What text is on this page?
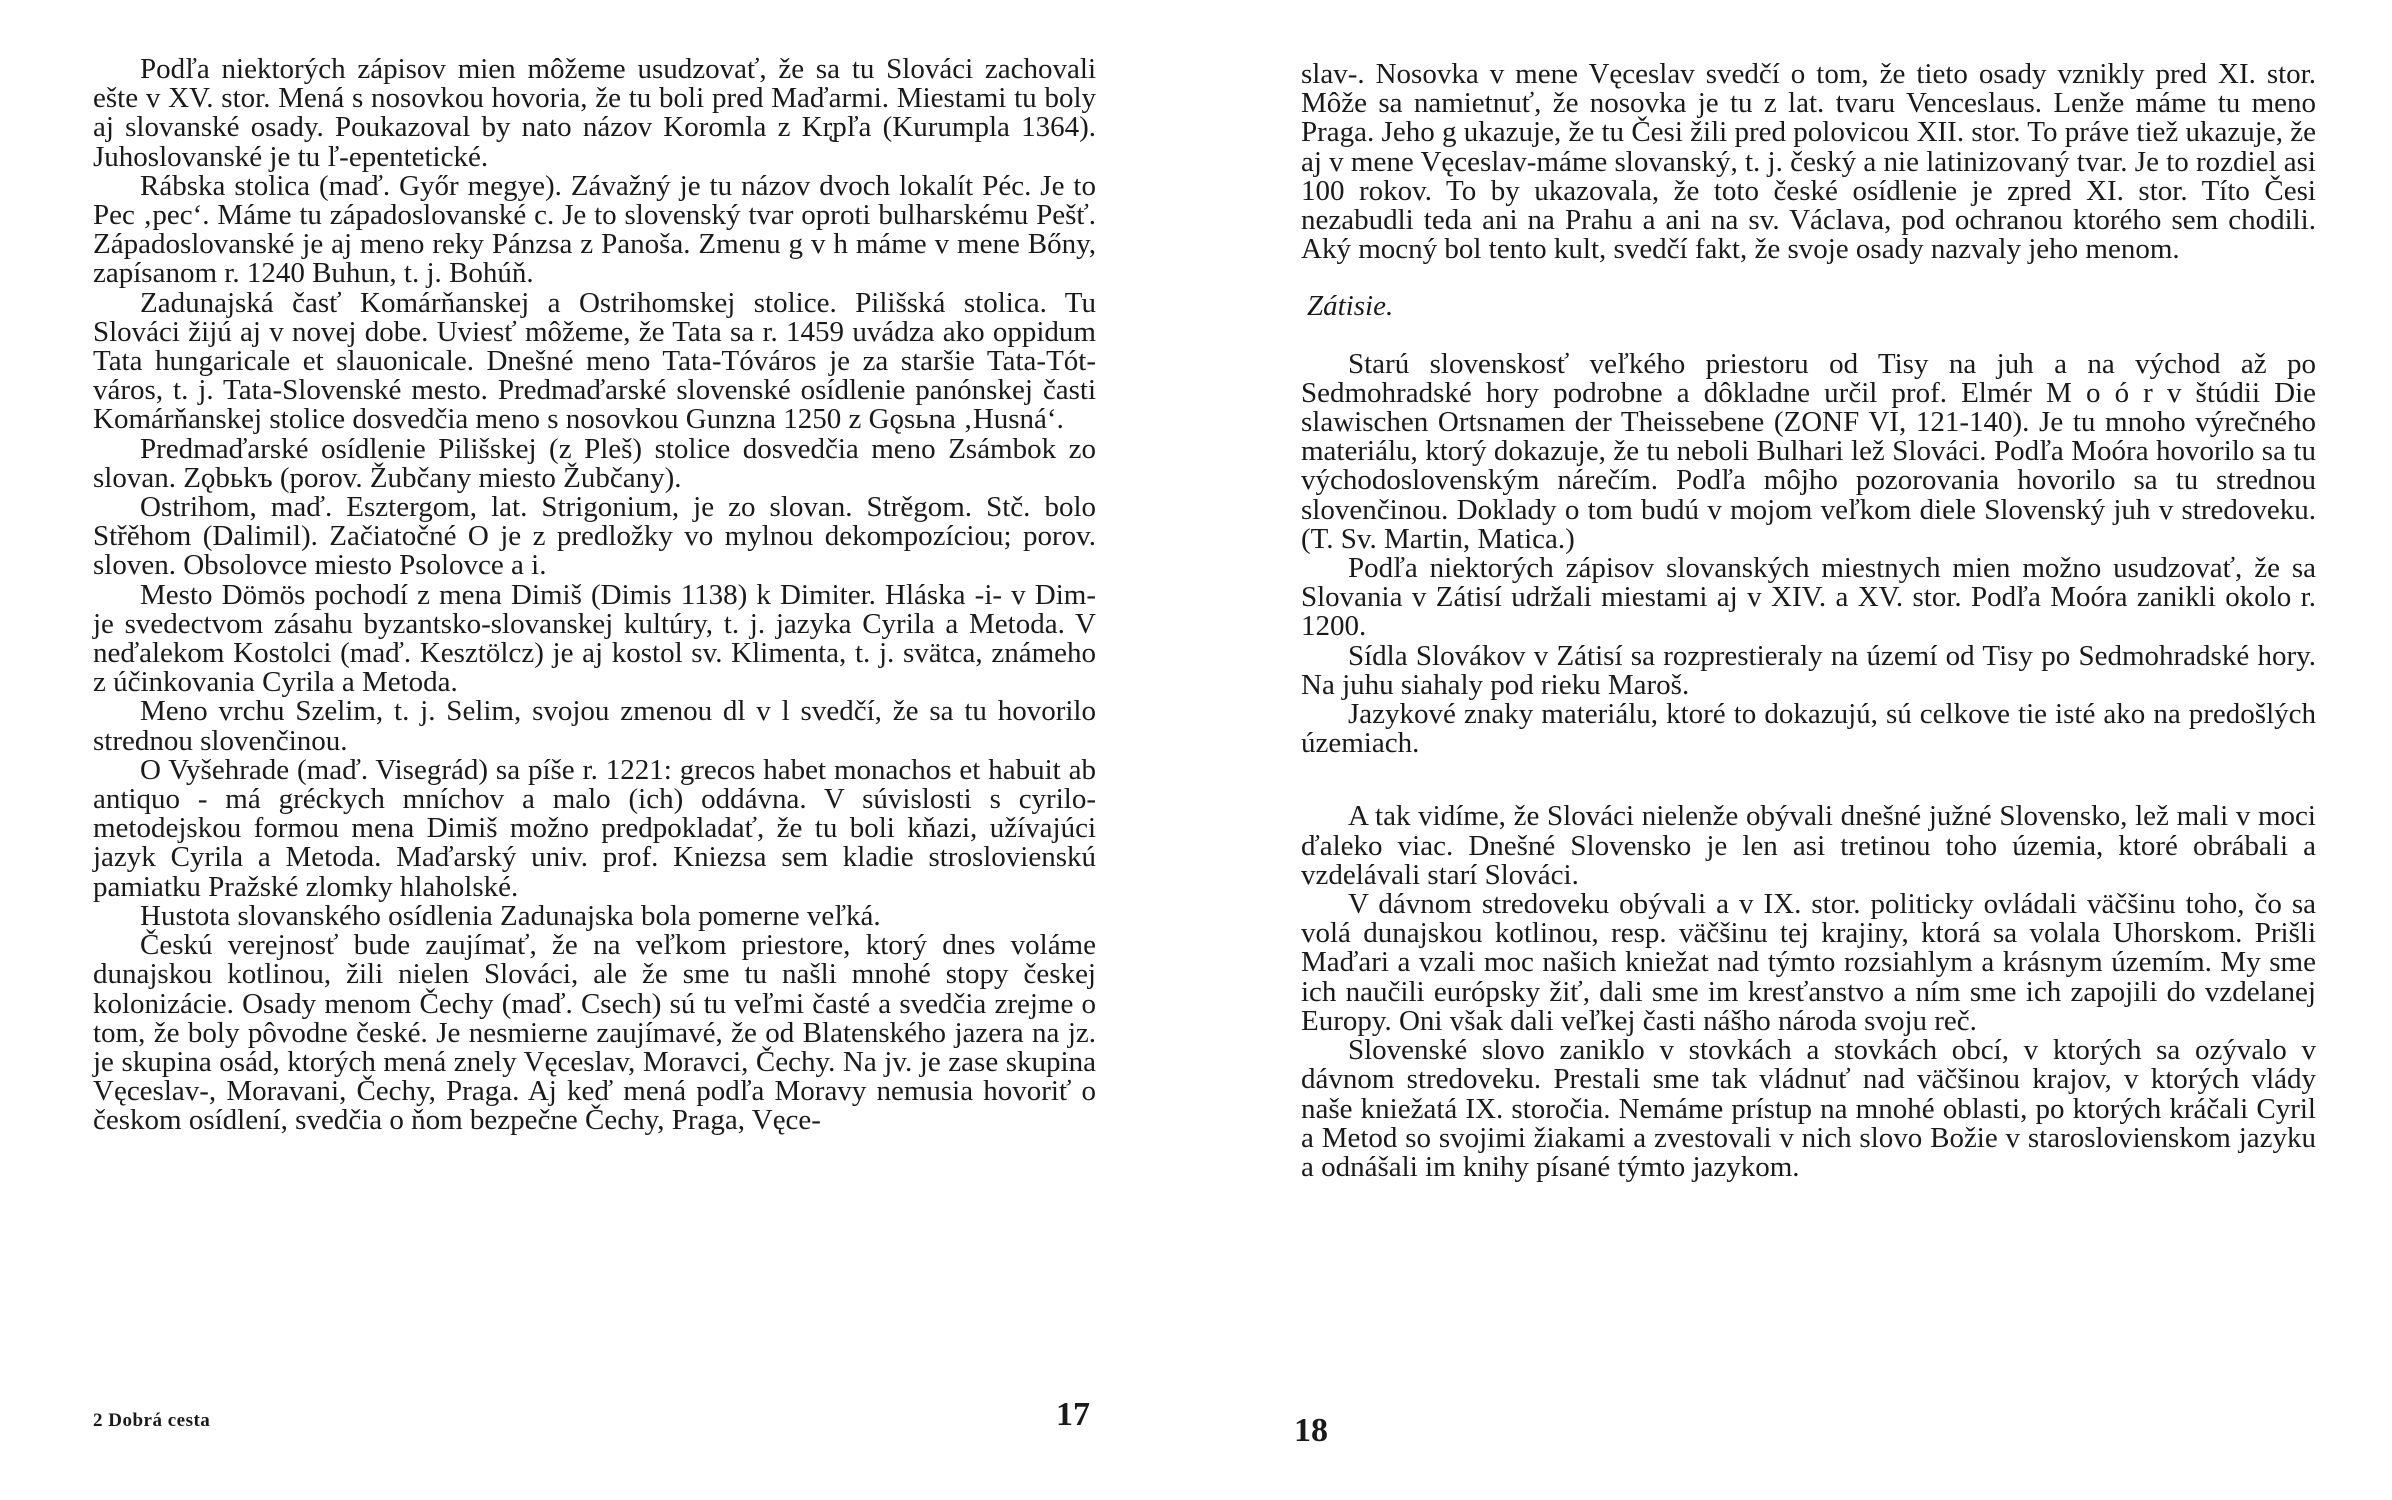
Podľa niektorých zápisov mien môžeme usudzovať, že sa tu Slováci zachovali ešte v XV. stor. Mená s nosovkou hovoria, že tu boli pred Maďarmi. Miestami tu boly aj slovanské osady. Poukazoval by nato názov Koromla z Kr̨pľa (Kurumpla 1364). Juhoslovanské je tu ľ-epentetické.

Rábska stolica (maď. Győr megye). Závažný je tu názov dvoch lokalít Péc. Je to Pec ‚pec‘. Máme tu západoslovanské c. Je to slovenský tvar oproti bulharskému Pešť. Západoslovanské je aj meno reky Pánzsa z Panoša. Zmenu g v h máme v mene Bőny, zapísanom r. 1240 Buhun, t. j. Bohúň.

Zadunajská časť Komárňanskej a Ostrihomskej stolice. Pilišská stolica. Tu Slováci žijú aj v novej dobe. Uviesť môžeme, že Tata sa r. 1459 uvádza ako oppidum Tata hungaricale et slauonicale. Dnešné meno Tata-Tóváros je za staršie Tata-Tót-város, t. j. Tata-Slovenské mesto. Predmaďarské slovenské osídlenie panónskej časti Komárňanskej stolice dosvedčia meno s nosovkou Gunzna 1250 z Gǫsьna ‚Husná‘.

Predmaďarské osídlenie Pilišskej (z Pleš) stolice dosvedčia meno Zsámbok zo slovan. Zǫbьkъ (porov. Žubčany miesto Žubčany).

Ostrihom, maď. Esztergom, lat. Strigonium, je zo slovan. Strěgom. Stč. bolo Střěhom (Dalimil). Začiatočné O je z predložky vo mylnou dekompozíciou; porov. sloven. Obsolovce miesto Psolovce a i.

Mesto Dömös pochodí z mena Dimiš (Dimis 1138) k Dimiter. Hláska -i- v Dim- je svedectvom zásahu byzantsko-slovanskej kultúry, t. j. jazyka Cyrila a Metoda. V neďalekom Kostolci (maď. Kesztölcz) je aj kostol sv. Klimenta, t. j. svätca, známeho z účinkovania Cyrila a Metoda.

Meno vrchu Szelim, t. j. Selim, svojou zmenou dl v l svedčí, že sa tu hovorilo strednou slovenčinou.

O Vyšehrade (maď. Visegrád) sa píše r. 1221: grecos habet monachos et habuit ab antiquo - má gréckych mníchov a malo (ich) oddávna. V súvislosti s cyrilo-metodejskou formou mena Dimiš možno predpokladať, že tu boli kňazi, užívajúci jazyk Cyrila a Metoda. Maďarský univ. prof. Kniezsa sem kladie stroslovienskú pamiatku Pražské zlomky hlaholské.

Hustota slovanského osídlenia Zadunajska bola pomerne veľká.

Českú verejnosť bude zaujímať, že na veľkom priestore, ktorý dnes voláme dunajskou kotlinou, žili nielen Slováci, ale že sme tu našli mnohé stopy českej kolonizácie. Osady menom Čechy (maď. Csech) sú tu veľmi časté a svedčia zrejme o tom, že boly pôvodne české. Je nesmierne zaujímavé, že od Blatenského jazera na jz. je skupina osád, ktorých mená znely Vęceslav, Moravci, Čechy. Na jv. je zase skupina Vęceslav-, Moravani, Čechy, Praga. Aj keď mená podľa Moravy nemusia hovoriť o českom osídlení, svedčia o ňom bezpečne Čechy, Praga, Vęce-

2 Dobrá cesta	17

slav-. Nosovka v mene Vęceslav svedčí o tom, že tieto osady vznikly pred XI. stor. Môže sa namietnuť, že nosovka je tu z lat. tvaru Venceslaus. Lenže máme tu meno Praga. Jeho g ukazuje, že tu Česi žili pred polovicou XII. stor. To práve tiež ukazuje, že aj v mene Vęceslav-máme slovanský, t. j. český a nie latinizovaný tvar. Je to rozdiel asi 100 rokov. To by ukazovala, že toto české osídlenie je zpred XI. stor. Títo Česi nezabudli teda ani na Prahu a ani na sv. Václava, pod ochranou ktorého sem chodili. Aký mocný bol tento kult, svedčí fakt, že svoje osady nazvaly jeho menom.

Zátisie.

Starú slovenskosť veľkého priestoru od Tisy na juh a na východ až po Sedmohradské hory podrobne a dôkladne určil prof. Elmér M o ó r v štúdii Die slawischen Ortsnamen der Theissebene (ZONF VI, 121-140). Je tu mnoho výrečného materiálu, ktorý dokazuje, že tu neboli Bulhari lež Slováci. Podľa Moóra hovorilo sa tu východoslovenským nárečím. Podľa môjho pozorovania hovorilo sa tu strednou slovenčinou. Doklady o tom budú v mojom veľkom diele Slovenský juh v stredoveku. (T. Sv. Martin, Matica.)

Podľa niektorých zápisov slovanských miestnych mien možno usudzovať, že sa Slovania v Zátisí udržali miestami aj v XIV. a XV. stor. Podľa Moóra zanikli okolo r. 1200.

Sídla Slovákov v Zátisí sa rozprestieraly na území od Tisy po Sedmohradské hory. Na juhu siahaly pod rieku Maroš.

Jazykové znaky materiálu, ktoré to dokazujú, sú celkove tie isté ako na predošlých územiach.

A tak vidíme, že Slováci nielenže obývali dnešné južné Slovensko, lež mali v moci ďaleko viac. Dnešné Slovensko je len asi tretinou toho územia, ktoré obrábali a vzdelávali starí Slováci.

V dávnom stredoveku obývali a v IX. stor. politicky ovládali väčšinu toho, čo sa volá dunajskou kotlinou, resp. väčšinu tej krajiny, ktorá sa volala Uhorskom. Prišli Maďari a vzali moc našich kniežat nad týmto rozsiahlym a krásnym územím. My sme ich naučili európsky žiť, dali sme im kresťanstvo a ním sme ich zapojili do vzdelanej Europy. Oni však dali veľkej časti nášho národa svoju reč.

Slovenské slovo zaniklo v stovkách a stovkách obcí, v ktorých sa ozývalo v dávnom stredoveku. Prestali sme tak vládnuť nad väčšinou krajov, v ktorých vlády naše kniežatá IX. storočia. Nemáme prístup na mnohé oblasti, po ktorých kráčali Cyril a Metod so svojimi žiakami a zvestovali v nich slovo Božie v staroslovienskom jazyku a odnášali im knihy písané týmto jazykom.

18
